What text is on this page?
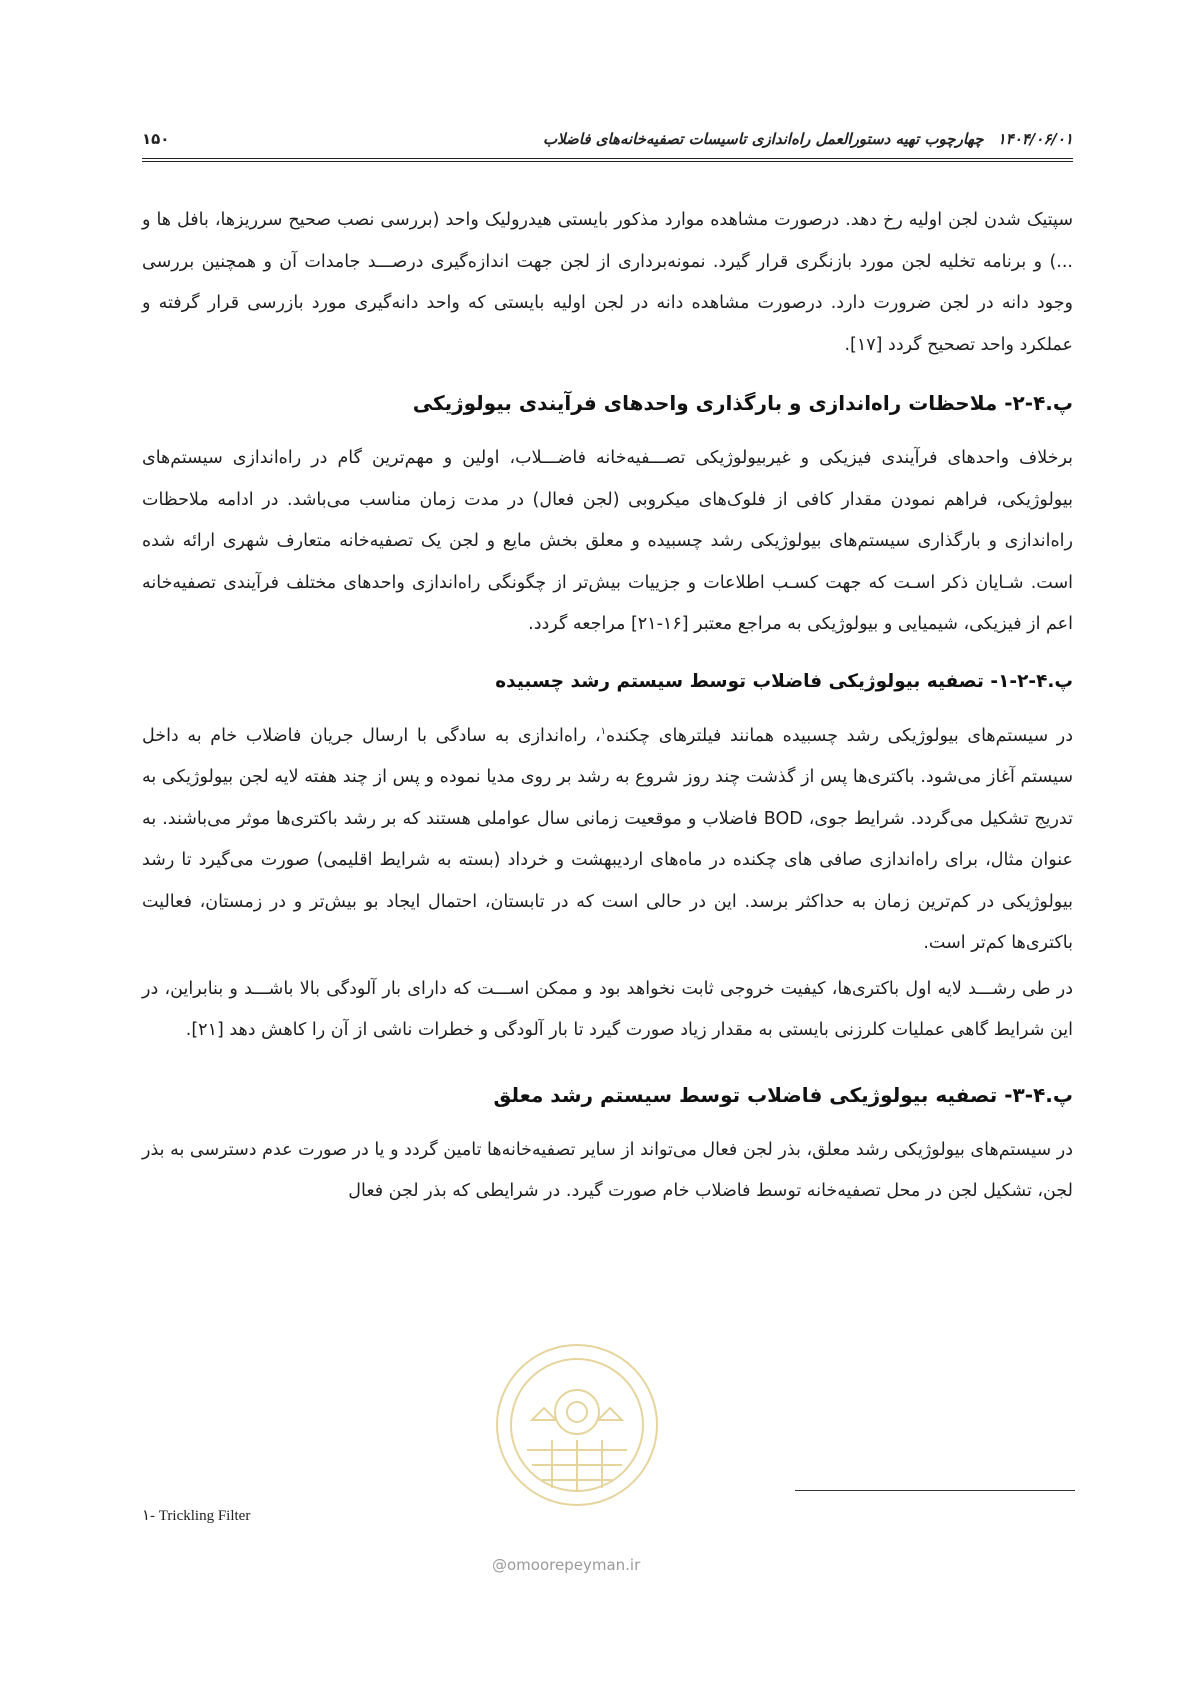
۱۴۰۴/۰۶/۰۱چهارچوب تهیه دستورالعمل راه‌اندازی تاسیسات تصفیه‌خانه‌های فاضلاب
۱۵۰

سپتیک شدن لجن اولیه رخ دهد. درصورت مشاهده موارد مذکور بایستی هیدرولیک واحد (بررسی نصب صحیح سرریزها، بافل ها و ...) و برنامه تخلیه لجن مورد بازنگری قرار گیرد. نمونه‌برداری از لجن جهت اندازه‌گیری درصـــد جامدات آن و همچنین بررسی وجود دانه در لجن ضرورت دارد. درصورت مشاهده دانه در لجن اولیه بایستی که واحد دانه‌گیری مورد بازرسی قرار گرفته و عملکرد واحد تصحیح گردد [۱۷].

پ.۴-۲- ملاحظات راه‌اندازی و بارگذاری واحدهای فرآیندی بیولوژیکی

برخلاف واحدهای فرآیندی فیزیکی و غیربیولوژیکی تصـــفیه‌خانه فاضـــلاب، اولین و مهم‌ترین گام در راه‌اندازی سیستم‌های بیولوژیکی، فراهم نمودن مقدار کافی از فلوک‌های میکروبی (لجن فعال) در مدت زمان مناسب می‌باشد. در ادامه ملاحظات راه‌اندازی و بارگذاری سیستم‌های بیولوژیکی رشد چسبیده و معلق بخش مایع و لجن یک تصفیه‌خانه متعارف شهری ارائه شده است. شـایان ذکر اسـت که جهت کسـب اطلاعات و جزییات بیش‌تر از چگونگی راه‌اندازی واحدهای مختلف فرآیندی تصفیه‌خانه اعم از فیزیکی، شیمیایی و بیولوژیکی به مراجع معتبر [۱۶-۲۱] مراجعه گردد.

پ.۴-۲-۱- تصفیه بیولوژیکی فاضلاب توسط سیستم رشد چسبیده

در سیستم‌های بیولوژیکی رشد چسبیده همانند فیلترهای چکنده$^۱$، راه‌اندازی به سادگی با ارسال جریان فاضلاب خام به داخل سیستم آغاز می‌شود. باکتری‌ها پس از گذشت چند روز شروع به رشد بر روی مدیا نموده و پس از چند هفته لایه لجن بیولوژیکی به تدریج تشکیل می‌گردد. شرایط جوی، BOD فاضلاب و موقعیت زمانی سال عواملی هستند که بر رشد باکتری‌ها موثر می‌باشند. به عنوان مثال، برای راه‌اندازی صافی های چکنده در ماه‌های اردیبهشت و خرداد (بسته به شرایط اقلیمی) صورت می‌گیرد تا رشد بیولوژیکی در کم‌ترین زمان به حداکثر برسد. این در حالی است که در تابستان، احتمال ایجاد بو بیش‌تر و در زمستان، فعالیت باکتری‌ها کم‌تر است.

در طی رشـــد لایه اول باکتری‌ها، کیفیت خروجی ثابت نخواهد بود و ممکن اســـت که دارای بار آلودگی بالا باشـــد و بنابراین، در این شرایط گاهی عملیات کلرزنی بایستی به مقدار زیاد صورت گیرد تا بار آلودگی و خطرات ناشی از آن را کاهش دهد [۲۱].

پ.۴-۳- تصفیه بیولوژیکی فاضلاب توسط سیستم رشد معلق

در سیستم‌های بیولوژیکی رشد معلق، بذر لجن فعال می‌تواند از سایر تصفیه‌خانه‌ها تامین گردد و یا در صورت عدم دسترسی به بذر لجن، تشکیل لجن در محل تصفیه‌خانه توسط فاضلاب خام صورت گیرد. در شرایطی که بذر لجن فعال

۱- Trickling Filter
@omoorepeyman.ir
